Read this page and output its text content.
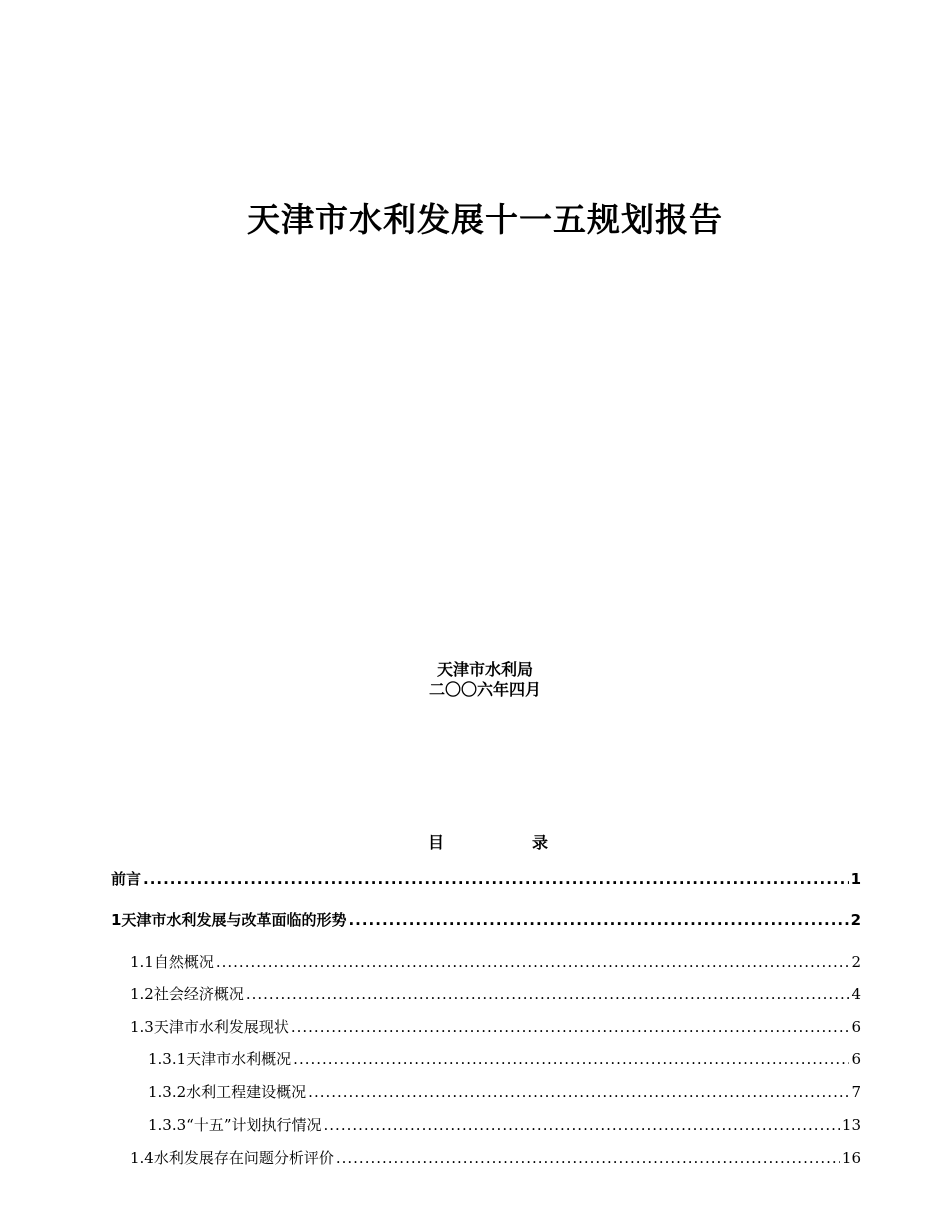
天津市水利发展十一五规划报告
天津市水利局
二〇〇六年四月
目	录
前言 .....	1
1天津市水利发展与改革面临的形势 .....	2
1.1自然概况 .....	2
1.2社会经济概况 .....	4
1.3天津市水利发展现状 .....	6
1.3.1天津市水利概况 .....	6
1.3.2水利工程建设概况 .....	7
1.3.3“十五”计划执行情况 .....	13
1.4水利发展存在问题分析评价 .....	16
